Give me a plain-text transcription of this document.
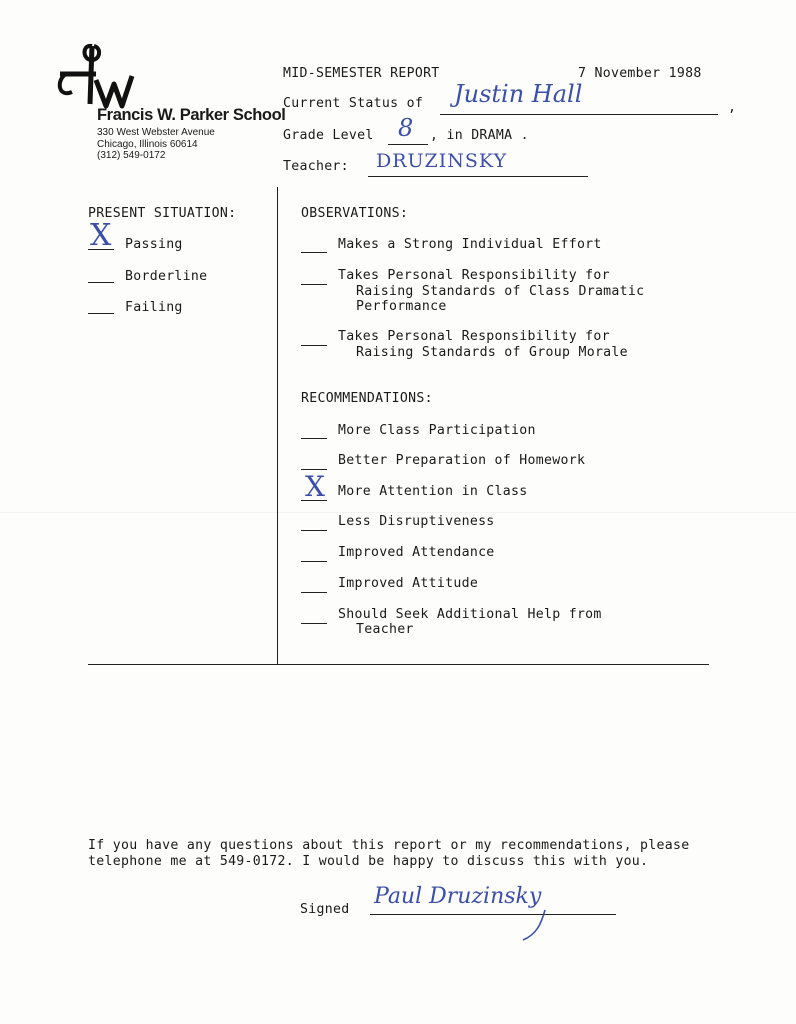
Francis W. Parker School
330 West Webster Avenue
Chicago, Illinois 60614
(312) 549-0172
MID-SEMESTER REPORT	7 November 1988
Current Status of Justin Hall	,
Grade Level 8 , in DRAMA .
Teacher: DRUZINSKY
PRESENT SITUATION:
X Passing
Borderline
Failing
OBSERVATIONS:
Makes a Strong Individual Effort
Takes Personal Responsibility for
Raising Standards of Class Dramatic
Performance
Takes Personal Responsibility for
Raising Standards of Group Morale
RECOMMENDATIONS:
More Class Participation
Better Preparation of Homework
X More Attention in Class
Less Disruptiveness
Improved Attendance
Improved Attitude
Should Seek Additional Help from
Teacher
If you have any questions about this report or my recommendations, please
telephone me at 549-0172. I would be happy to discuss this with you.
Signed
Paul Druzinsky
